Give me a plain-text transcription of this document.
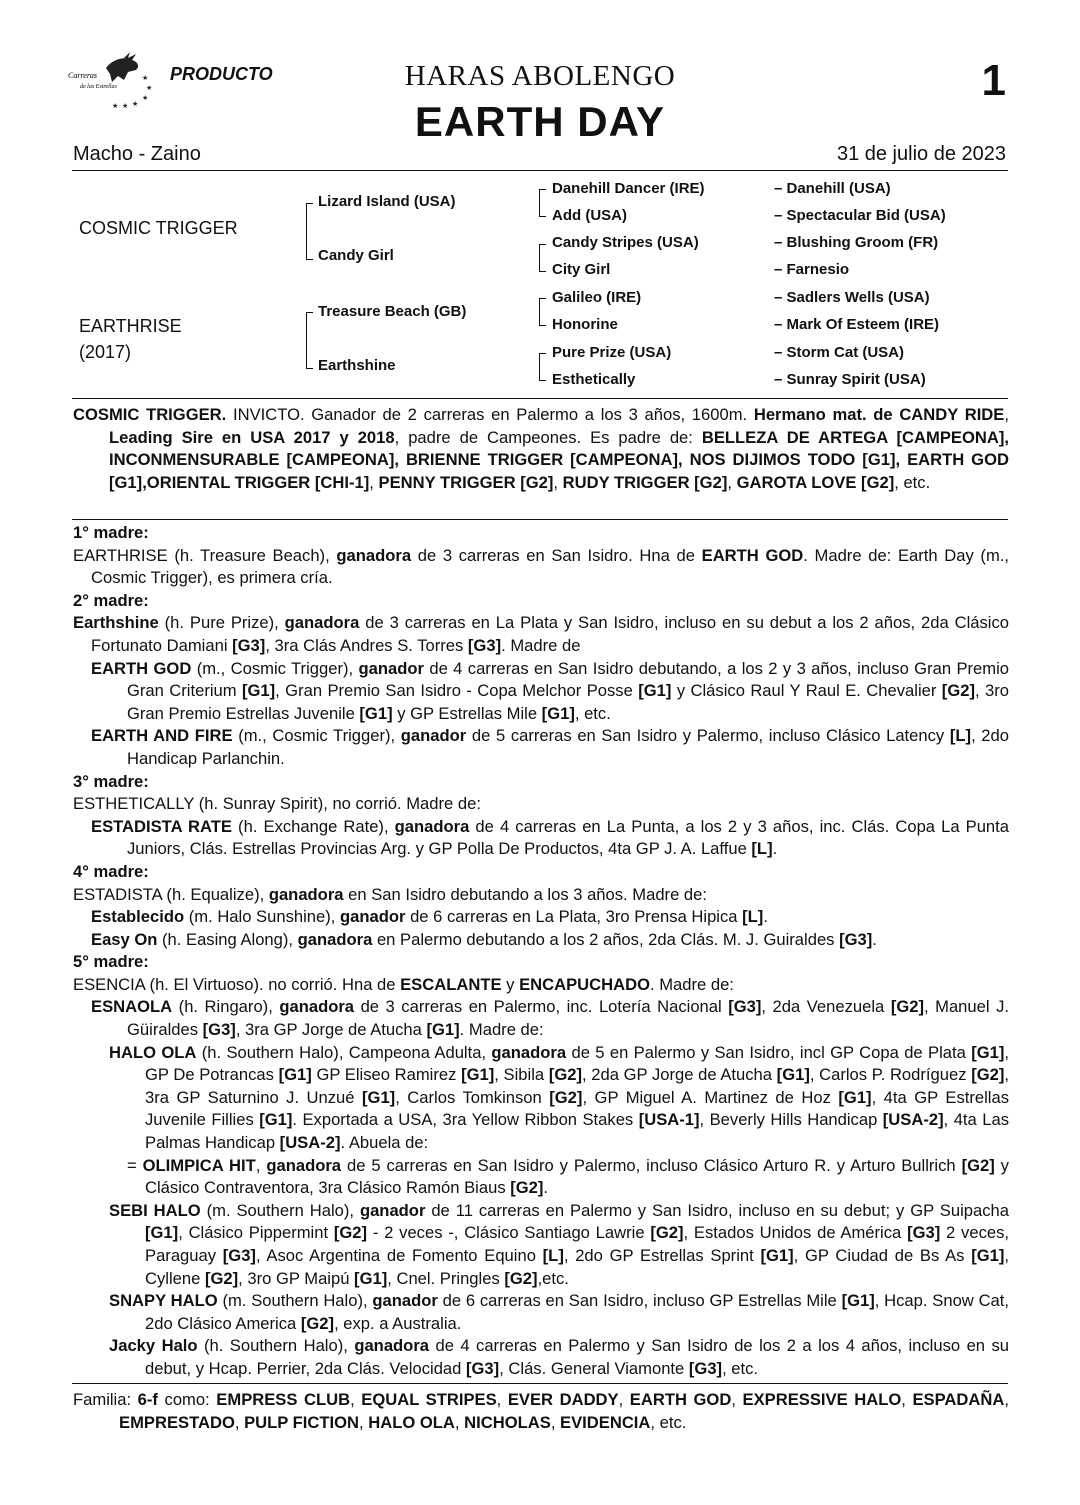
Carreras
de las Estrellas
★
★
★
★
★
★
PRODUCTO	HARAS ABOLENGO
EARTH DAY
1
Macho - Zaino	31 de julio de 2023
COSMIC TRIGGER
EARTHRISE
(2017)
Lizard Island (USA)
Candy Girl
Treasure Beach (GB)
Earthshine
Danehill Dancer (IRE)
Add (USA)
Candy Stripes (USA)
City Girl
Galileo (IRE)
Honorine
Pure Prize (USA)
Esthetically
– Danehill (USA)
– Spectacular Bid (USA)
– Blushing Groom (FR)
– Farnesio
– Sadlers Wells (USA)
– Mark Of Esteem (IRE)
– Storm Cat (USA)
– Sunray Spirit (USA)

COSMIC TRIGGER. INVICTO. Ganador de 2 carreras en Palermo a los 3 años, 1600m. Hermano mat. de CANDY RIDE, Leading Sire en USA 2017 y 2018, padre de Campeones. Es padre de: BELLEZA DE ARTEGA [CAMPEONA], INCONMENSURABLE [CAMPEONA], BRIENNE TRIGGER [CAMPEONA], NOS DIJIMOS TODO [G1], EARTH GOD [G1],ORIENTAL TRIGGER [CHI-1], PENNY TRIGGER [G2], RUDY TRIGGER [G2], GAROTA LOVE [G2], etc.

1° madre:

EARTHRISE (h. Treasure Beach), ganadora de 3 carreras en San Isidro. Hna de EARTH GOD. Madre de: Earth Day (m., Cosmic Trigger), es primera cría.

2° madre:

Earthshine (h. Pure Prize), ganadora de 3 carreras en La Plata y San Isidro, incluso en su debut a los 2 años, 2da Clásico Fortunato Damiani [G3], 3ra Clás Andres S. Torres [G3]. Madre de

EARTH GOD (m., Cosmic Trigger), ganador de 4 carreras en San Isidro debutando, a los 2 y 3 años, incluso Gran Premio Gran Criterium [G1], Gran Premio San Isidro - Copa Melchor Posse [G1] y Clásico Raul Y Raul E. Chevalier [G2], 3ro Gran Premio Estrellas Juvenile [G1] y GP Estrellas Mile [G1], etc.

EARTH AND FIRE (m., Cosmic Trigger), ganador de 5 carreras en San Isidro y Palermo, incluso Clásico Latency [L], 2do Handicap Parlanchin.

3° madre:

ESTHETICALLY (h. Sunray Spirit), no corrió. Madre de:

ESTADISTA RATE (h. Exchange Rate), ganadora de 4 carreras en La Punta, a los 2 y 3 años, inc. Clás. Copa La Punta Juniors, Clás. Estrellas Provincias Arg. y GP Polla De Productos, 4ta GP J. A. Laffue [L].

4° madre:

ESTADISTA (h. Equalize), ganadora en San Isidro debutando a los 3 años. Madre de:

Establecido (m. Halo Sunshine), ganador de 6 carreras en La Plata, 3ro Prensa Hipica [L].

Easy On (h. Easing Along), ganadora en Palermo debutando a los 2 años, 2da Clás. M. J. Guiraldes [G3].

5° madre:

ESENCIA (h. El Virtuoso). no corrió. Hna de ESCALANTE y ENCAPUCHADO. Madre de:

ESNAOLA (h. Ringaro), ganadora de 3 carreras en Palermo, inc. Lotería Nacional [G3], 2da Venezuela [G2], Manuel J. Güiraldes [G3], 3ra GP Jorge de Atucha [G1]. Madre de:

HALO OLA (h. Southern Halo), Campeona Adulta, ganadora de 5 en Palermo y San Isidro, incl GP Copa de Plata [G1], GP De Potrancas [G1] GP Eliseo Ramirez [G1], Sibila [G2], 2da GP Jorge de Atucha [G1], Carlos P. Rodríguez [G2], 3ra GP Saturnino J. Unzué [G1], Carlos Tomkinson [G2], GP Miguel A. Martinez de Hoz [G1], 4ta GP Estrellas Juvenile Fillies [G1]. Exportada a USA, 3ra Yellow Ribbon Stakes [USA-1], Beverly Hills Handicap [USA-2], 4ta Las Palmas Handicap [USA-2]. Abuela de:

= OLIMPICA HIT, ganadora de 5 carreras en San Isidro y Palermo, incluso Clásico Arturo R. y Arturo Bullrich [G2] y Clásico Contraventora, 3ra Clásico Ramón Biaus [G2].

SEBI HALO (m. Southern Halo), ganador de 11 carreras en Palermo y San Isidro, incluso en su debut; y GP Suipacha [G1], Clásico Pippermint [G2] - 2 veces -, Clásico Santiago Lawrie [G2], Estados Unidos de América [G3] 2 veces, Paraguay [G3], Asoc Argentina de Fomento Equino [L], 2do GP Estrellas Sprint [G1], GP Ciudad de Bs As [G1], Cyllene [G2], 3ro GP Maipú [G1], Cnel. Pringles [G2],etc.

SNAPY HALO (m. Southern Halo), ganador de 6 carreras en San Isidro, incluso GP Estrellas Mile [G1], Hcap. Snow Cat, 2do Clásico America [G2], exp. a Australia.

Jacky Halo (h. Southern Halo), ganadora de 4 carreras en Palermo y San Isidro de los 2 a los 4 años, incluso en su debut, y Hcap. Perrier, 2da Clás. Velocidad [G3], Clás. General Viamonte [G3], etc.

Familia: 6-f como: EMPRESS CLUB, EQUAL STRIPES, EVER DADDY, EARTH GOD, EXPRESSIVE HALO, ESPADAÑA, EMPRESTADO, PULP FICTION, HALO OLA, NICHOLAS, EVIDENCIA, etc.
